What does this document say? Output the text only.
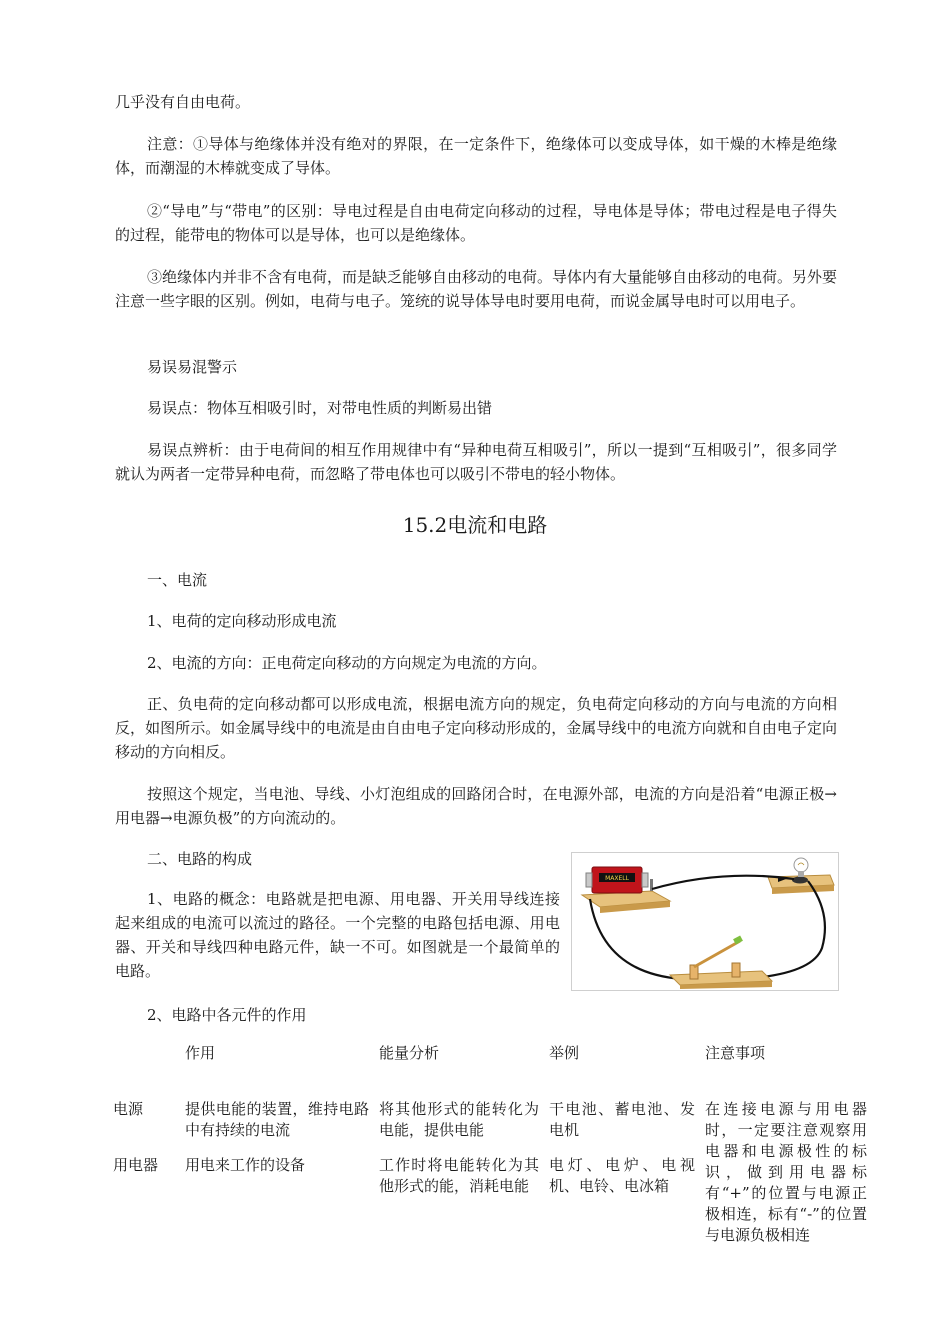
几乎没有自由电荷。

注意：①导体与绝缘体并没有绝对的界限，在一定条件下，绝缘体可以变成导体，如干燥的木棒是绝缘体，而潮湿的木棒就变成了导体。

②“导电”与“带电”的区别：导电过程是自由电荷定向移动的过程，导电体是导体；带电过程是电子得失的过程，能带电的物体可以是导体，也可以是绝缘体。

③绝缘体内并非不含有电荷，而是缺乏能够自由移动的电荷。导体内有大量能够自由移动的电荷。另外要注意一些字眼的区别。例如，电荷与电子。笼统的说导体导电时要用电荷，而说金属导电时可以用电子。

易误易混警示

易误点：物体互相吸引时，对带电性质的判断易出错

易误点辨析：由于电荷间的相互作用规律中有“异种电荷互相吸引”，所以一提到“互相吸引”，很多同学就认为两者一定带异种电荷，而忽略了带电体也可以吸引不带电的轻小物体。

15.2电流和电路

一、电流

1、电荷的定向移动形成电流

2、电流的方向：正电荷定向移动的方向规定为电流的方向。

正、负电荷的定向移动都可以形成电流，根据电流方向的规定，负电荷定向移动的方向与电流的方向相反，如图所示。如金属导线中的电流是由自由电子定向移动形成的，金属导线中的电流方向就和自由电子定向移动的方向相反。

按照这个规定，当电池、导线、小灯泡组成的回路闭合时，在电源外部，电流的方向是沿着“电源正极→用电器→电源负极”的方向流动的。

二、电路的构成

1、电路的概念：电路就是把电源、用电器、开关用导线连接起来组成的电流可以流过的路径。一个完整的电路包括电源、用电器、开关和导线四种电路元件，缺一不可。如图就是一个最简单的电路。

MAXELL

2、电路中各元件的作用

	作用	能量分析	举例	注意事项
电源	提供电能的装置，维持电路中有持续的电流	将其他形式的能转化为电能，提供电能	干电池、蓄电池、发电机	在连接电源与用电器时，一定要注意观察用电器和电源极性的标识，做到用电器标有“+”的位置与电源正极相连，标有“-”的位置与电源负极相连
用电器	用电来工作的设备	工作时将电能转化为其他形式的能，消耗电能	电灯、电炉、电视机、电铃、电冰箱	
